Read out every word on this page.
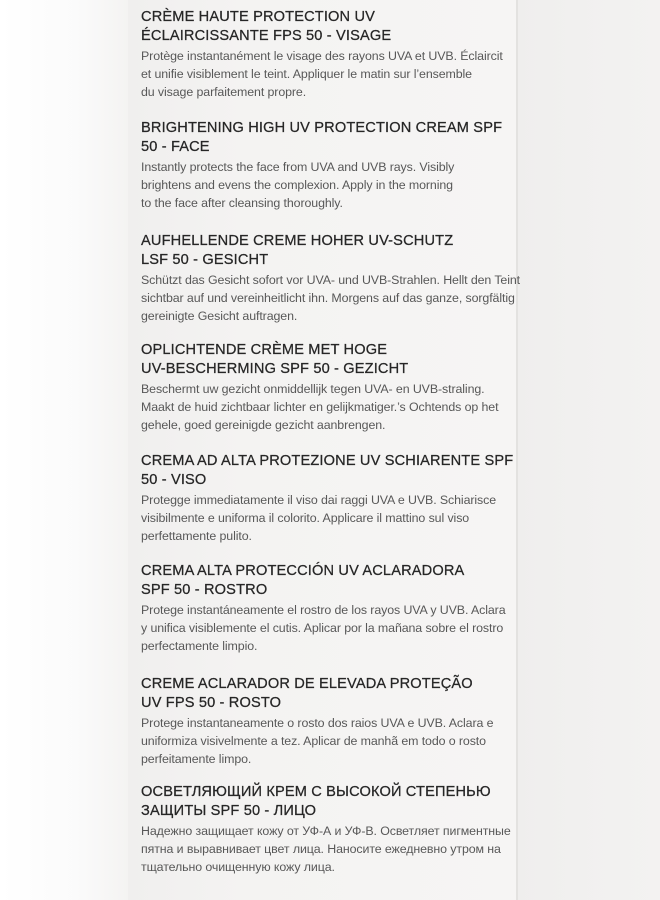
CRÈME HAUTE PROTECTION UV
ÉCLAIRCISSANTE FPS 50 - VISAGE

Protège instantanément le visage des rayons UVA et UVB. Éclaircit
et unifie visiblement le teint. Appliquer le matin sur l’ensemble
du visage parfaitement propre.

BRIGHTENING HIGH UV PROTECTION CREAM SPF
50 - FACE

Instantly protects the face from UVA and UVB rays. Visibly
brightens and evens the complexion. Apply in the morning
to the face after cleansing thoroughly.

AUFHELLENDE CREME HOHER UV-SCHUTZ
LSF 50 - GESICHT

Schützt das Gesicht sofort vor UVA- und UVB-Strahlen. Hellt den Teint
sichtbar auf und vereinheitlicht ihn. Morgens auf das ganze, sorgfältig
gereinigte Gesicht auftragen.

OPLICHTENDE CRÈME MET HOGE
UV-BESCHERMING SPF 50 - GEZICHT

Beschermt uw gezicht onmiddellijk tegen UVA- en UVB-straling.
Maakt de huid zichtbaar lichter en gelijkmatiger.’s Ochtends op het
gehele, goed gereinigde gezicht aanbrengen.

CREMA AD ALTA PROTEZIONE UV SCHIARENTE SPF
50 - VISO

Protegge immediatamente il viso dai raggi UVA e UVB. Schiarisce
visibilmente e uniforma il colorito. Applicare il mattino sul viso
perfettamente pulito.

CREMA ALTA PROTECCIÓN UV ACLARADORA
SPF 50 - ROSTRO

Protege instantáneamente el rostro de los rayos UVA y UVB. Aclara
y unifica visiblemente el cutis. Aplicar por la mañana sobre el rostro
perfectamente limpio.

CREME ACLARADOR DE ELEVADA PROTEÇÃO
UV FPS 50 - ROSTO

Protege instantaneamente o rosto dos raios UVA e UVB. Aclara e
uniformiza visivelmente a tez. Aplicar de manhã em todo o rosto
perfeitamente limpo.

ОСВЕТЛЯЮЩИЙ КРЕМ С ВЫСОКОЙ СТЕПЕНЬЮ
ЗАЩИТЫ SPF 50 - ЛИЦО

Надежно защищает кожу от УФ-А и УФ-В. Осветляет пигментные
пятна и выравнивает цвет лица. Наносите ежедневно утром на
тщательно очищенную кожу лица.
